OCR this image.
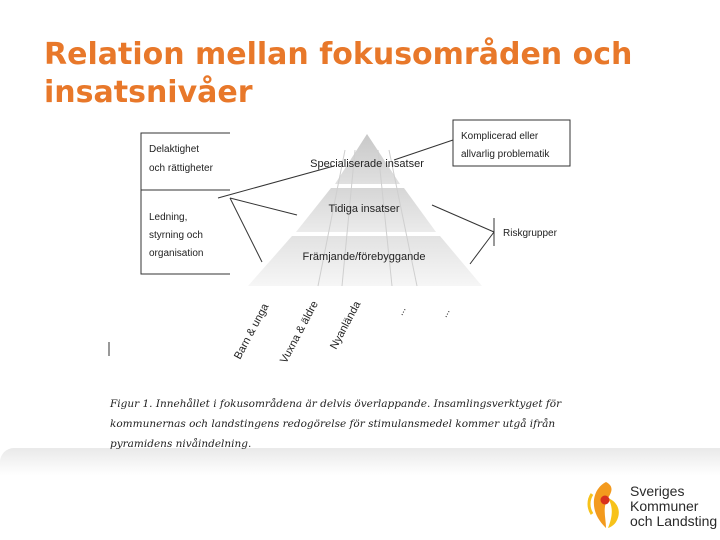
Relation mellan fokusområden och insatsnivåer
Specialiserade insatser
Tidiga insatser
Främjande/förebyggande
Delaktighet
och rättigheter
Ledning,
styrning och
organisation
Komplicerad eller
allvarlig problematik
Riskgrupper
Barn & unga Vuxna & äldre Nyanlända	...	...
Figur 1. Innehållet i fokusområdena är delvis överlappande. Insamlingsverktyget för kommunernas och landstingens redogörelse för stimulansmedel kommer utgå ifrån pyramidens nivåindelning.
Sveriges
Kommuner
och Landsting
